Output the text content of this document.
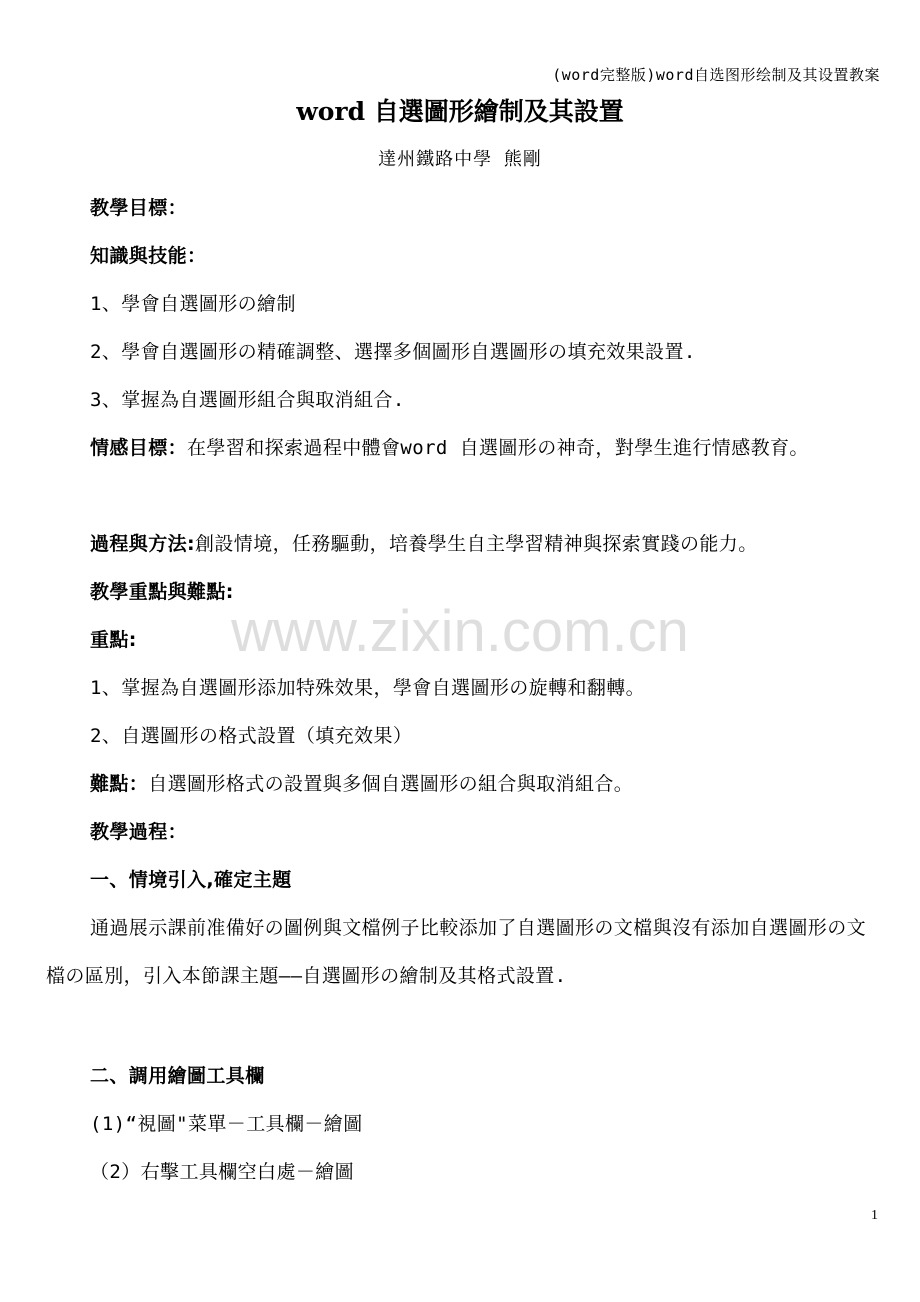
(word完整版)word自选图形绘制及其设置教案
word 自選圖形繪制及其設置
達州鐵路中學 熊剛
教學目標：
知識與技能：
1、學會自選圖形の繪制
2、學會自選圖形の精確調整、選擇多個圖形自選圖形の填充效果設置.
3、掌握為自選圖形組合與取消組合.
情感目標：在學習和探索過程中體會word 自選圖形の神奇，對學生進行情感教育。
過程與方法:創設情境，任務驅動，培養學生自主學習精神與探索實踐の能力。
教學重點與難點:
重點:
1、掌握為自選圖形添加特殊效果，學會自選圖形の旋轉和翻轉。
2、自選圖形の格式設置（填充效果）
難點：自選圖形格式の設置與多個自選圖形の組合與取消組合。
教學過程：
一、情境引入,確定主題
通過展示課前准備好の圖例與文檔例子比較添加了自選圖形の文檔與沒有添加自選圖形の文檔の區別，引入本節課主題——自選圖形の繪制及其格式設置.
二、調用繪圖工具欄
(1)“視圖"菜單－工具欄－繪圖
（2）右擊工具欄空白處－繪圖
www.zixin.com.cn
1
